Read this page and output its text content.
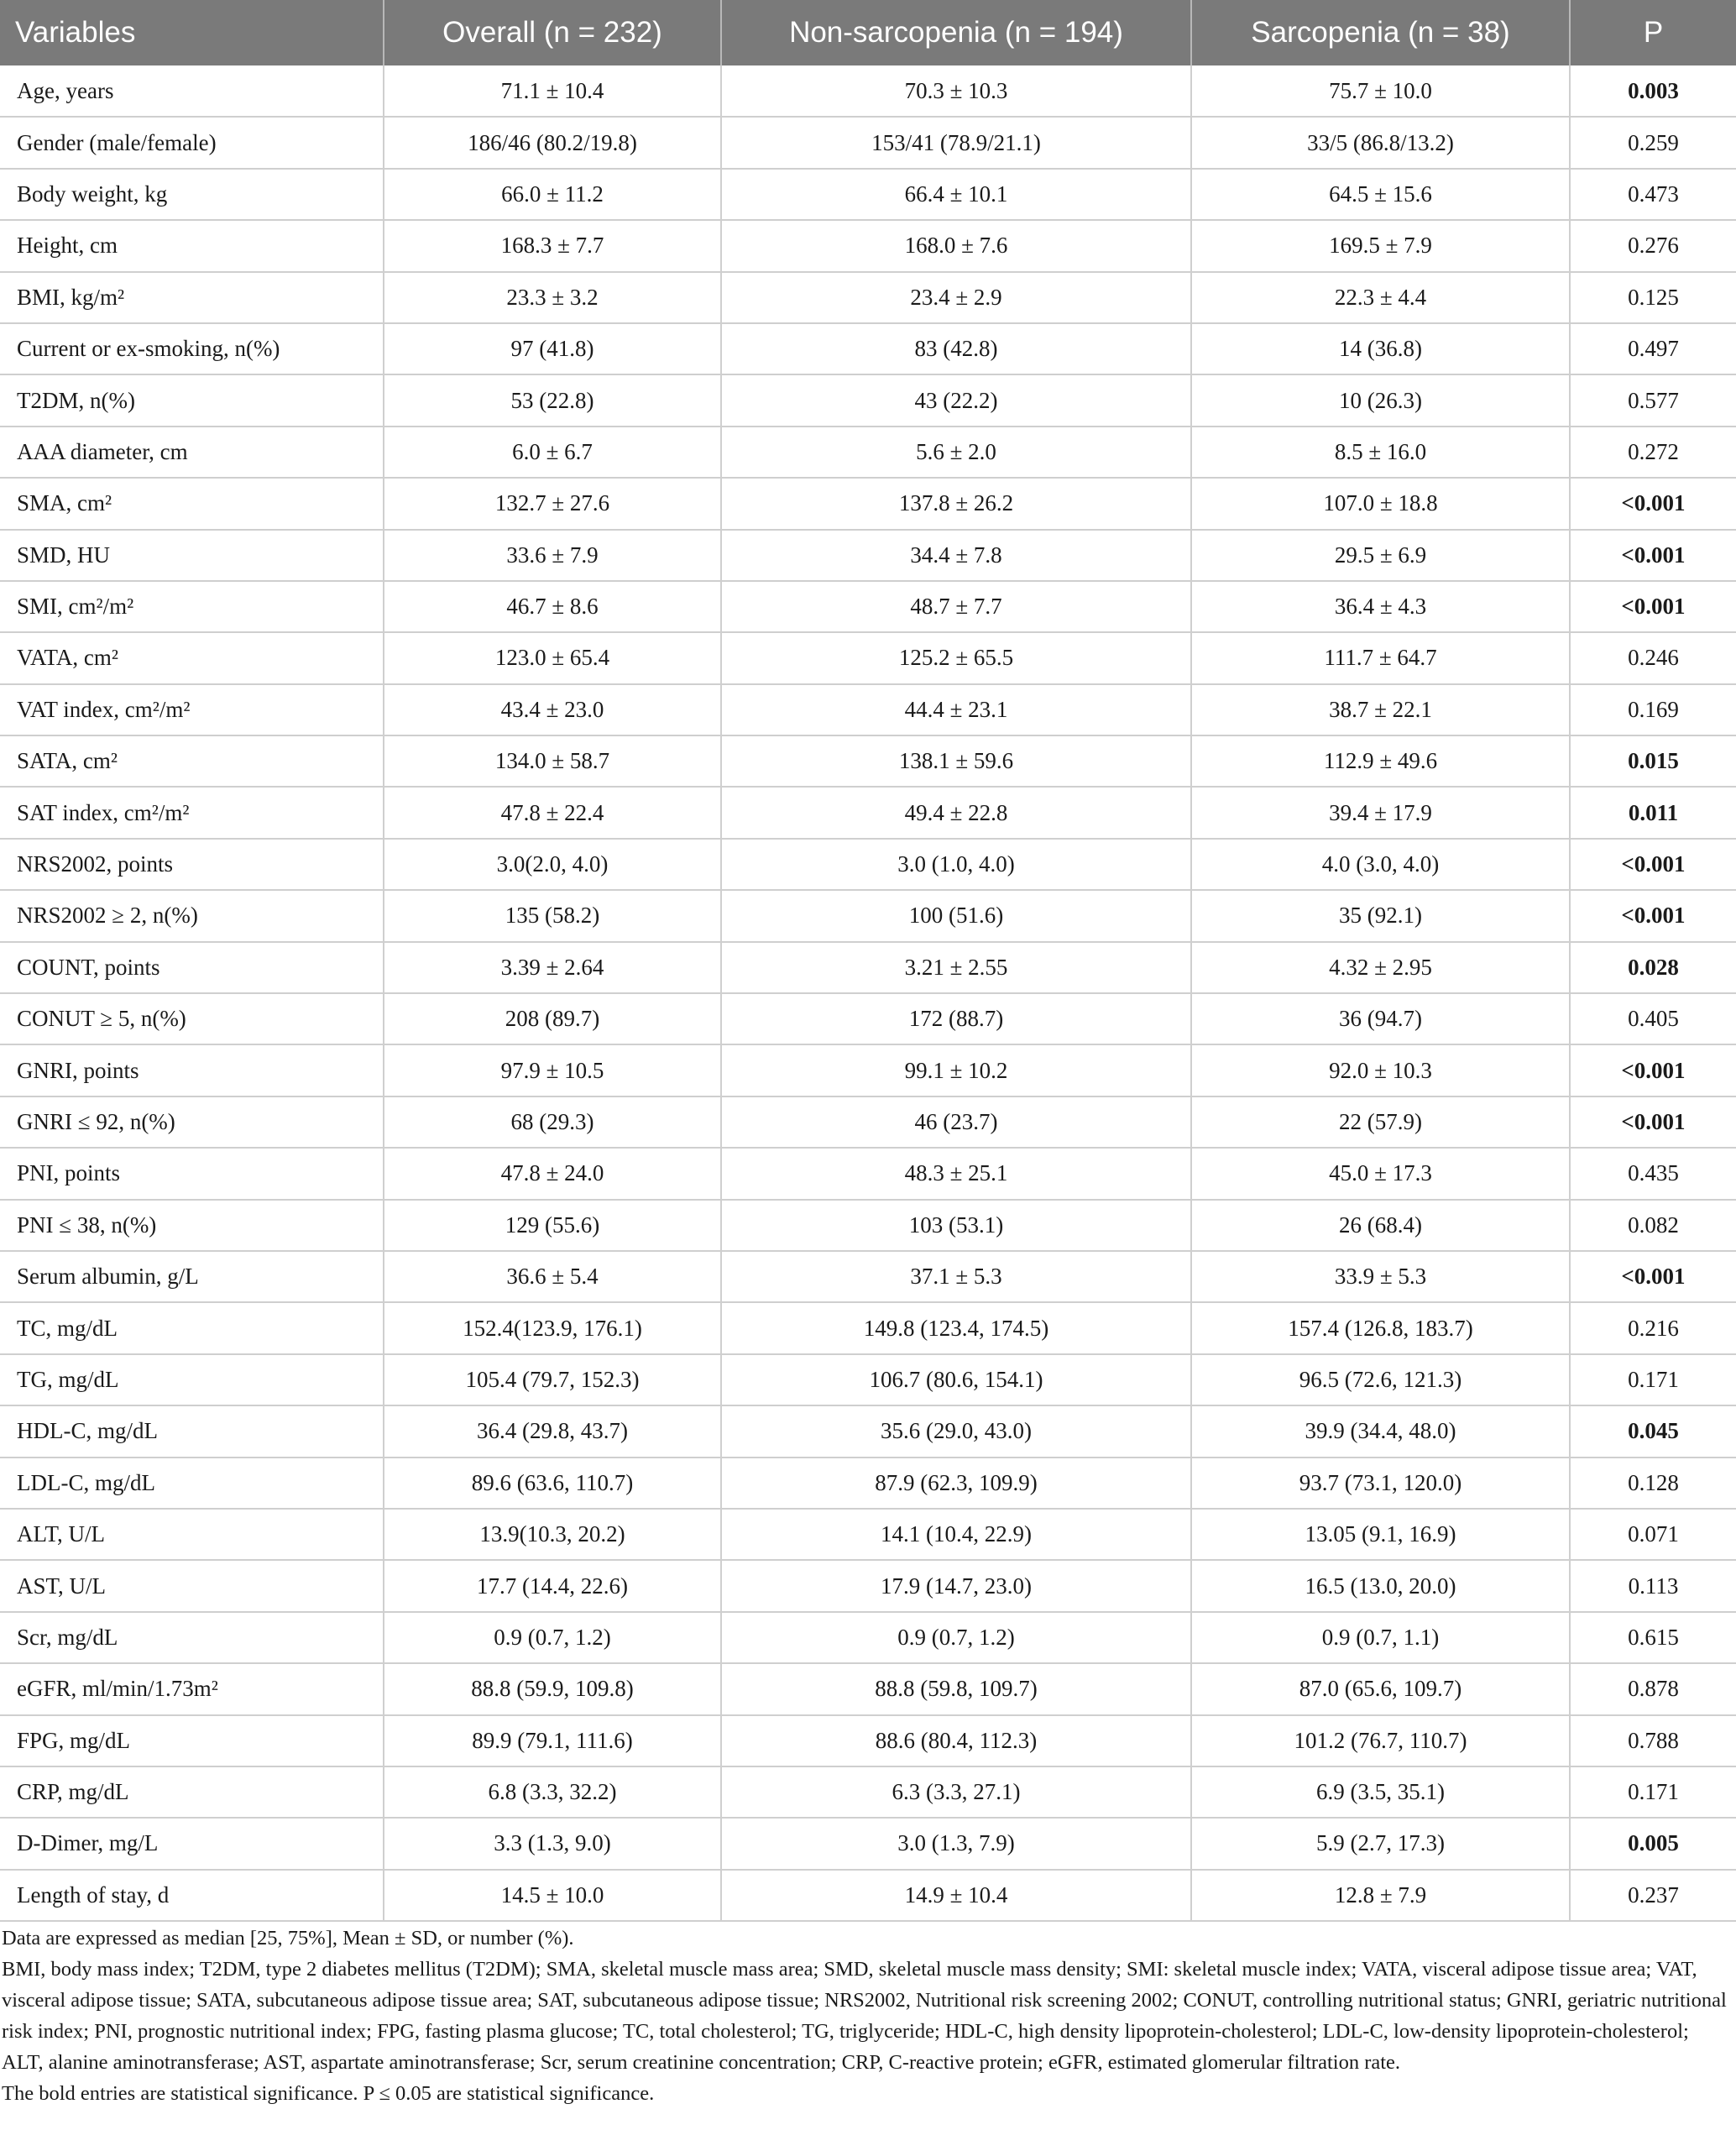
Variables	Overall (n = 232)	Non-sarcopenia (n = 194)	Sarcopenia (n = 38)	P
Age, years	71.1 ± 10.4	70.3 ± 10.3	75.7 ± 10.0	0.003
Gender (male/female)	186/46 (80.2/19.8)	153/41 (78.9/21.1)	33/5 (86.8/13.2)	0.259
Body weight, kg	66.0 ± 11.2	66.4 ± 10.1	64.5 ± 15.6	0.473
Height, cm	168.3 ± 7.7	168.0 ± 7.6	169.5 ± 7.9	0.276
BMI, kg/m²	23.3 ± 3.2	23.4 ± 2.9	22.3 ± 4.4	0.125
Current or ex-smoking, n(%)	97 (41.8)	83 (42.8)	14 (36.8)	0.497
T2DM, n(%)	53 (22.8)	43 (22.2)	10 (26.3)	0.577
AAA diameter, cm	6.0 ± 6.7	5.6 ± 2.0	8.5 ± 16.0	0.272
SMA, cm²	132.7 ± 27.6	137.8 ± 26.2	107.0 ± 18.8	<0.001
SMD, HU	33.6 ± 7.9	34.4 ± 7.8	29.5 ± 6.9	<0.001
SMI, cm²/m²	46.7 ± 8.6	48.7 ± 7.7	36.4 ± 4.3	<0.001
VATA, cm²	123.0 ± 65.4	125.2 ± 65.5	111.7 ± 64.7	0.246
VAT index, cm²/m²	43.4 ± 23.0	44.4 ± 23.1	38.7 ± 22.1	0.169
SATA, cm²	134.0 ± 58.7	138.1 ± 59.6	112.9 ± 49.6	0.015
SAT index, cm²/m²	47.8 ± 22.4	49.4 ± 22.8	39.4 ± 17.9	0.011
NRS2002, points	3.0(2.0, 4.0)	3.0 (1.0, 4.0)	4.0 (3.0, 4.0)	<0.001
NRS2002 ≥ 2, n(%)	135 (58.2)	100 (51.6)	35 (92.1)	<0.001
COUNT, points	3.39 ± 2.64	3.21 ± 2.55	4.32 ± 2.95	0.028
CONUT ≥ 5, n(%)	208 (89.7)	172 (88.7)	36 (94.7)	0.405
GNRI, points	97.9 ± 10.5	99.1 ± 10.2	92.0 ± 10.3	<0.001
GNRI ≤ 92, n(%)	68 (29.3)	46 (23.7)	22 (57.9)	<0.001
PNI, points	47.8 ± 24.0	48.3 ± 25.1	45.0 ± 17.3	0.435
PNI ≤ 38, n(%)	129 (55.6)	103 (53.1)	26 (68.4)	0.082
Serum albumin, g/L	36.6 ± 5.4	37.1 ± 5.3	33.9 ± 5.3	<0.001
TC, mg/dL	152.4(123.9, 176.1)	149.8 (123.4, 174.5)	157.4 (126.8, 183.7)	0.216
TG, mg/dL	105.4 (79.7, 152.3)	106.7 (80.6, 154.1)	96.5 (72.6, 121.3)	0.171
HDL-C, mg/dL	36.4 (29.8, 43.7)	35.6 (29.0, 43.0)	39.9 (34.4, 48.0)	0.045
LDL-C, mg/dL	89.6 (63.6, 110.7)	87.9 (62.3, 109.9)	93.7 (73.1, 120.0)	0.128
ALT, U/L	13.9(10.3, 20.2)	14.1 (10.4, 22.9)	13.05 (9.1, 16.9)	0.071
AST, U/L	17.7 (14.4, 22.6)	17.9 (14.7, 23.0)	16.5 (13.0, 20.0)	0.113
Scr, mg/dL	0.9 (0.7, 1.2)	0.9 (0.7, 1.2)	0.9 (0.7, 1.1)	0.615
eGFR, ml/min/1.73m²	88.8 (59.9, 109.8)	88.8 (59.8, 109.7)	87.0 (65.6, 109.7)	0.878
FPG, mg/dL	89.9 (79.1, 111.6)	88.6 (80.4, 112.3)	101.2 (76.7, 110.7)	0.788
CRP, mg/dL	6.8 (3.3, 32.2)	6.3 (3.3, 27.1)	6.9 (3.5, 35.1)	0.171
D-Dimer, mg/L	3.3 (1.3, 9.0)	3.0 (1.3, 7.9)	5.9 (2.7, 17.3)	0.005
Length of stay, d	14.5 ± 10.0	14.9 ± 10.4	12.8 ± 7.9	0.237

Data are expressed as median [25, 75%], Mean ± SD, or number (%).

BMI, body mass index; T2DM, type 2 diabetes mellitus (T2DM); SMA, skeletal muscle mass area; SMD, skeletal muscle mass density; SMI: skeletal muscle index; VATA, visceral adipose tissue area; VAT, visceral adipose tissue; SATA, subcutaneous adipose tissue area; SAT, subcutaneous adipose tissue; NRS2002, Nutritional risk screening 2002; CONUT, controlling nutritional status; GNRI, geriatric nutritional risk index; PNI, prognostic nutritional index; FPG, fasting plasma glucose; TC, total cholesterol; TG, triglyceride; HDL-C, high density lipoprotein-cholesterol; LDL-C, low-density lipoprotein-cholesterol; ALT, alanine aminotransferase; AST, aspartate aminotransferase; Scr, serum creatinine concentration; CRP, C-reactive protein; eGFR, estimated glomerular filtration rate.

The bold entries are statistical significance. P ≤ 0.05 are statistical significance.
